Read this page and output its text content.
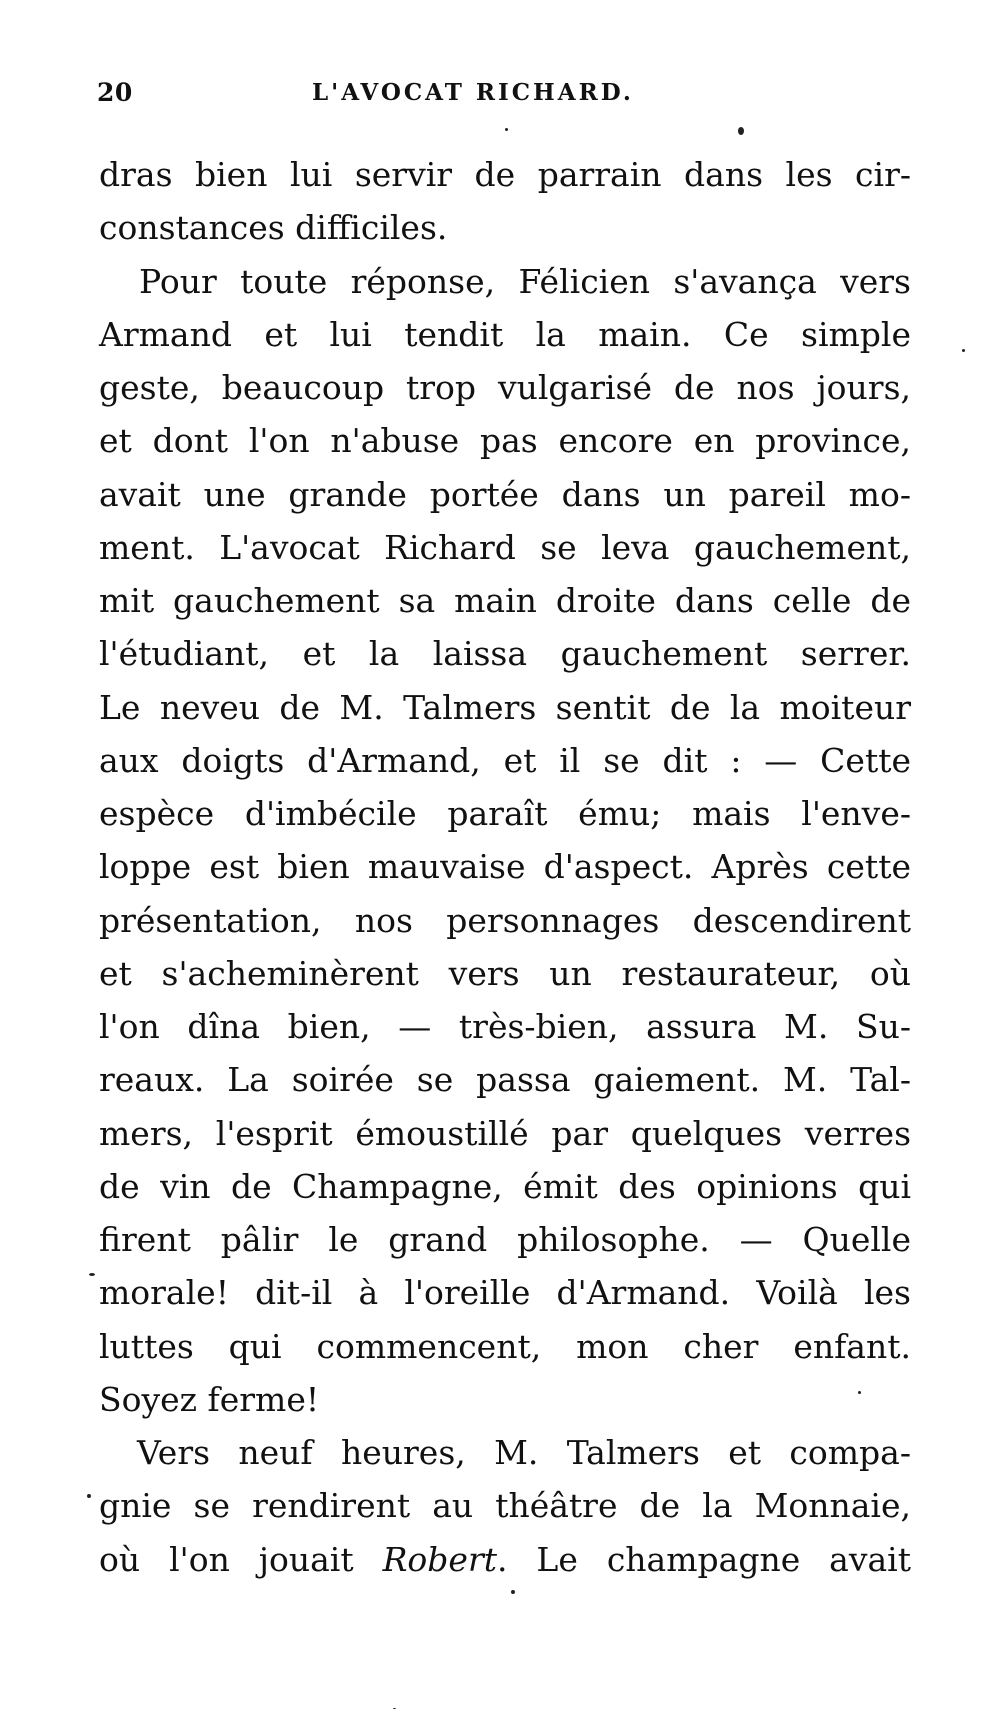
20	L'AVOCAT RICHARD.
dras bien lui servir de parrain dans les cir-
constances difficiles.
Pour toute réponse, Félicien s'avança vers
Armand et lui tendit la main. Ce simple
geste, beaucoup trop vulgarisé de nos jours,
et dont l'on n'abuse pas encore en province,
avait une grande portée dans un pareil mo-
ment. L'avocat Richard se leva gauchement,
mit gauchement sa main droite dans celle de
l'étudiant, et la laissa gauchement serrer.
Le neveu de M. Talmers sentit de la moiteur
aux doigts d'Armand, et il se dit : — Cette
espèce d'imbécile paraît ému; mais l'enve-
loppe est bien mauvaise d'aspect. Après cette
présentation, nos personnages descendirent
et s'acheminèrent vers un restaurateur, où
l'on dîna bien, — très-bien, assura M. Su-
reaux. La soirée se passa gaiement. M. Tal-
mers, l'esprit émoustillé par quelques verres
de vin de Champagne, émit des opinions qui
firent pâlir le grand philosophe. — Quelle
morale! dit-il à l'oreille d'Armand. Voilà les
luttes qui commencent, mon cher enfant.
Soyez ferme!
Vers neuf heures, M. Talmers et compa-
gnie se rendirent au théâtre de la Monnaie,
où l'on jouait Robert. Le champagne avait
